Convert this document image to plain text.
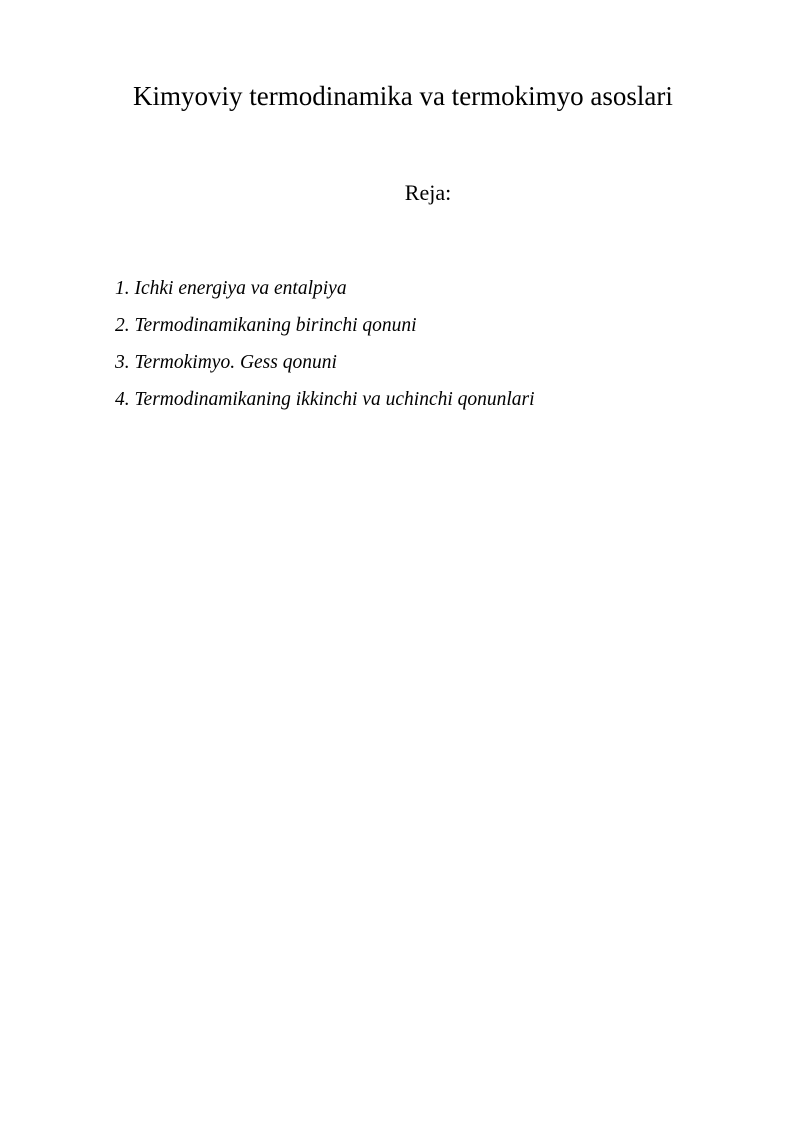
Kimyoviy termodinamika va termokimyo asoslari
Reja:
1. Ichki energiya va entalpiya
2. Termodinamikaning birinchi qonuni
3. Termokimyo. Gess qonuni
4. Termodinamikaning ikkinchi va uchinchi qonunlari
